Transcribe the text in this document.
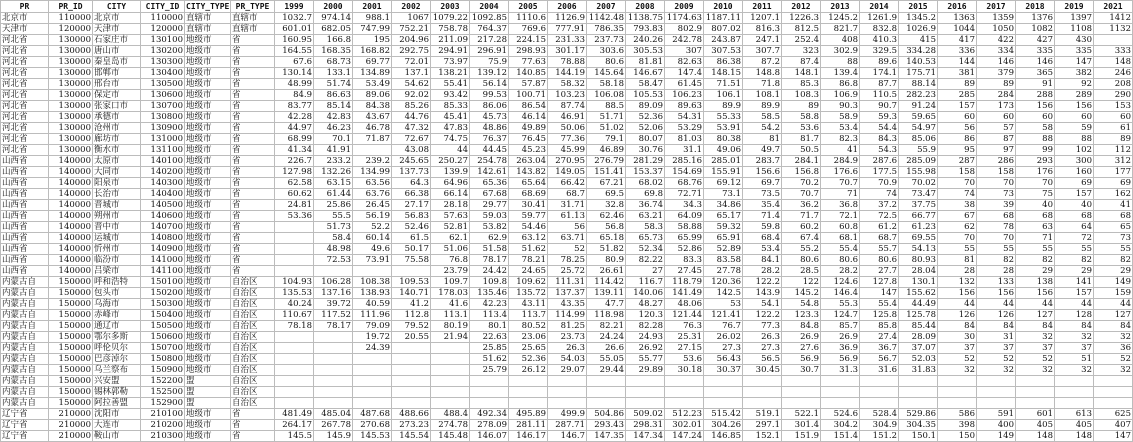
PR	PR_ID	CITY	CITY_ID	CITY_TYPE	PR_TYPE	1999	2000	2001	2002	2003	2004	2005	2006	2007	2008	2009	2010	2011	2012	2013	2014	2015	2016	2017	2018	2019	2021
北京市	110000	北京市	110000	直辖市	直辖市	1032.7	974.14	988.1	1067	1079.22	1092.85	1110.6	1126.9	1142.48	1138.75	1174.63	1187.11	1207.1	1226.3	1245.2	1261.9	1345.2	1363	1359	1376	1397	1412
天津市	120000	天津市	120000	直辖市	直辖市	601.01	682.05	747.99	752.21	758.78	764.37	769.6	777.91	786.35	793.83	802.9	807.02	816.3	812.5	821.7	832.8	1026.9	1044	1050	1082	1108	1132
河北省	130000	石家庄市	130100	地级市	省	160.95	166.8	195	204.96	211.09	217.28	224.15	231.33	237.73	240.26	242.78	243.87	247.1	252.4	408	410.3	415	417	422	427	430	
河北省	130000	唐山市	130200	地级市	省	164.55	168.35	168.82	292.75	294.91	296.91	298.93	301.17	303.6	305.53	307	307.53	307.7	323	302.9	329.5	334.28	336	334	335	335	333
河北省	130000	秦皇岛市	130300	地级市	省	67.6	68.73	69.77	72.01	73.97	75.9	77.63	78.88	80.6	81.81	82.63	86.38	87.2	87.4	88	89.6	140.53	144	146	146	147	148
河北省	130000	邯郸市	130400	地级市	省	130.14	133.1	134.89	137.1	138.21	139.12	140.85	144.19	145.64	146.67	147.4	148.15	148.8	148.1	139.4	174.1	175.71	381	379	365	382	246
河北省	130000	邢台市	130500	地级市	省	48.99	51.74	53.49	54.62	55.41	56.14	57.87	58.32	58.18	58.47	61.45	71.51	71.8	85.3	86.8	87.7	88.14	89	89	91	92	208
河北省	130000	保定市	130600	地级市	省	84.9	86.63	89.06	92.02	93.42	99.53	100.71	103.23	106.08	105.53	106.23	106.1	108.1	108.3	106.9	110.5	282.23	285	284	288	289	290
河北省	130000	张家口市	130700	地级市	省	83.77	85.14	84.38	85.26	85.33	86.06	86.54	87.74	88.5	89.09	89.63	89.9	89.9	89	90.3	90.7	91.24	157	173	156	156	153
河北省	130000	承德市	130800	地级市	省	42.28	42.83	43.67	44.76	45.41	45.73	46.14	46.91	51.71	52.36	54.31	55.33	58.5	58.8	58.9	59.3	59.65	60	60	60	60	60
河北省	130000	沧州市	130900	地级市	省	44.97	46.23	46.78	47.32	47.83	48.86	49.89	50.06	51.02	52.06	53.29	53.91	54.2	53.6	53.4	54.4	54.97	56	57	58	59	61
河北省	130000	廊坊市	131000	地级市	省	68.99	70.1	71.87	72.67	74.75	76.37	76.45	77.36	79.1	80.07	81.03	80.38	81	81.7	82.3	84.3	85.06	86	87	88	88	89
河北省	130000	衡水市	131100	地级市	省	41.34	41.91		43.08	44	44.45	45.23	45.99	46.89	30.76	31.1	49.06	49.7	50.5	41	54.3	55.9	95	97	99	102	112
山西省	140000	太原市	140100	地级市	省	226.7	233.2	239.2	245.65	250.27	254.78	263.04	270.95	276.79	281.29	285.16	285.01	283.7	284.1	284.9	287.6	285.09	287	286	293	300	312
山西省	140000	大同市	140200	地级市	省	127.98	132.26	134.99	137.73	139.9	142.61	143.82	149.05	151.41	153.37	154.69	155.91	156.6	156.8	176.6	177.5	155.98	158	158	176	160	177
山西省	140000	阳泉市	140300	地级市	省	62.58	63.15	63.56	64.3	64.96	65.36	65.64	66.42	67.21	68.02	68.76	69.12	69.7	70.2	70.7	70.9	70.02	70	70	70	69	69
山西省	140000	长治市	140400	地级市	省	60.62	61.44	63.76	66.38	66.14	67.68	68.69	68.7	69.5	69.8	72.71	73.1	73.5	70.7	71	74	73.47	74	73	75	157	162
山西省	140000	晋城市	140500	地级市	省	24.81	25.86	26.45	27.17	28.18	29.77	30.41	31.71	32.8	36.74	34.3	34.86	35.4	36.2	36.8	37.2	37.75	38	39	40	40	41
山西省	140000	朔州市	140600	地级市	省	53.36	55.5	56.19	56.83	57.63	59.03	59.77	61.13	62.46	63.21	64.09	65.17	71.4	71.7	72.1	72.5	66.77	67	68	68	68	68
山西省	140000	晋中市	140700	地级市	省		51.73	52.2	52.46	52.81	53.82	54.46	56	56.8	58.3	58.88	59.32	59.8	60.2	60.8	61.2	61.23	62	78	63	64	65
山西省	140000	运城市	140800	地级市	省		58.4	60.14	61.5	62.1	62.9	63.12	63.71	65.18	65.73	65.99	65.91	68.4	67.4	68.1	68.7	69.55	70	70	71	72	73
山西省	140000	忻州市	140900	地级市	省		48.98	49.6	50.17	51.06	51.58	51.62	52	51.82	52.34	52.86	52.89	53.4	55.2	55.4	55.7	54.13	55	55	55	55	55
山西省	140000	临汾市	141000	地级市	省		72.53	73.91	75.58	76.8	78.17	78.21	78.25	80.9	82.22	83.3	83.58	84.1	80.6	80.6	80.6	80.93	81	82	82	82	82
山西省	140000	吕梁市	141100	地级市	省					23.79	24.42	24.65	25.72	26.61	27	27.45	27.78	28.2	28.5	28.2	27.7	28.04	28	28	29	29	29
内蒙古自	150000	呼和浩特	150100	地级市	自治区	104.93	106.28	108.38	109.53	109.7	109.8	109.62	111.31	114.42	116.7	118.79	120.36	122.2	122	124.6	127.8	130.1	132	133	138	141	149
内蒙古自	150000	包头市	150200	地级市	自治区	135.53	137.16	138.93	140.71	178.03	135.46	135.72	137.37	139.11	140.06	141.49	142.5	143.9	145.2	146.4	147	155.62	156	156	156	157	159
内蒙古自	150000	乌海市	150300	地级市	自治区	40.24	39.72	40.59	41.2	41.6	42.23	43.11	43.35	47.7	48.27	48.06	53	54.1	54.8	55.3	55.4	44.49	44	44	44	44	44
内蒙古自	150000	赤峰市	150400	地级市	自治区	110.67	117.52	111.96	112.8	113.1	113.4	113.7	114.99	118.98	120.3	121.44	121.41	122.2	123.3	124.7	125.8	125.78	126	126	127	128	127
内蒙古自	150000	通辽市	150500	地级市	自治区	78.18	78.17	79.09	79.52	80.19	80.1	80.52	81.25	82.21	82.28	76.3	76.7	77.3	84.8	85.7	85.8	85.44	84	84	84	84	84
内蒙古自	150000	鄂尔多斯	150600	地级市	自治区			19.72	20.55	21.94	22.63	23.06	23.73	24.24	24.93	25.31	26.02	26.3	26.9	26.9	27.4	28.09	30	31	32	32	32
内蒙古自	150000	呼伦贝尔	150700	地级市	自治区			24.39			25.85	25.65	26.3	26.6	26.92	27.15	27.3	27.3	27.6	36.9	36.7	37.07	37	37	37	37	36
内蒙古自	150000	巴彦淖尔	150800	地级市	自治区						51.62	52.36	54.03	55.05	55.77	53.6	56.43	56.5	56.9	56.9	56.7	52.03	52	52	52	51	52
内蒙古自	150000	乌兰察布	150900	地级市	自治区						25.79	26.12	29.07	29.44	29.89	30.18	30.37	30.45	30.7	31.3	31.6	31.83	32	32	32	32	32
内蒙古自	150000	兴安盟	152200	盟	自治区																						
内蒙古自	150000	锡林郭勒	152500	盟	自治区																						
内蒙古自	150000	阿拉善盟	152900	盟	自治区																						
辽宁省	210000	沈阳市	210100	地级市	省	481.49	485.04	487.68	488.66	488.4	492.34	495.89	499.9	504.86	509.02	512.23	515.42	519.1	522.1	524.6	528.4	529.86	586	591	601	613	625
辽宁省	210000	大连市	210200	地级市	省	264.17	267.78	270.68	273.23	274.78	278.09	281.11	287.71	293.43	298.31	302.01	304.26	297.1	301.4	304.2	304.9	304.35	398	400	405	405	407
辽宁省	210000	鞍山市	210300	地级市	省	145.5	145.9	145.53	145.54	145.48	146.07	146.17	146.7	147.35	147.34	147.24	146.85	152.1	151.9	151.4	151.2	150.1	150	149	148	148	147
